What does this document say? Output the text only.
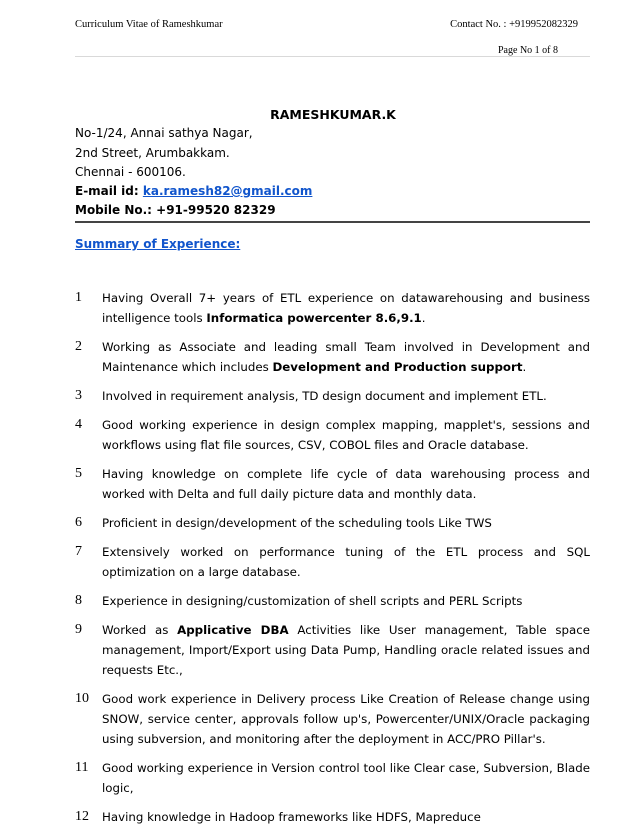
Curriculum Vitae of Rameshkumar	Contact No. : +919952082329
Page No 1 of 8
RAMESHKUMAR.K
No-1/24, Annai sathya Nagar,
2nd Street, Arumbakkam.
Chennai - 600106.
E-mail id: ka.ramesh82@gmail.com
Mobile No.: +91-99520 82329
Summary of Experience:
1	Having Overall 7+ years of ETL experience on datawarehousing and business intelligence tools Informatica powercenter 8.6,9.1.
2	Working as Associate and leading small Team involved in Development and Maintenance which includes Development and Production support.
3	Involved in requirement analysis, TD design document and implement ETL.
4	Good working experience in design complex mapping, mapplet's, sessions and workflows using flat file sources, CSV, COBOL files and Oracle database.
5	Having knowledge on complete life cycle of data warehousing process and worked with Delta and full daily picture data and monthly data.
6	Proficient in design/development of the scheduling tools Like TWS
7	Extensively worked on performance tuning of the ETL process and SQL optimization on a large database.
8	Experience in designing/customization of shell scripts and PERL Scripts
9	Worked as Applicative DBA Activities like User management, Table space management, Import/Export using Data Pump, Handling oracle related issues and requests Etc.,
10	Good work experience in Delivery process Like Creation of Release change using SNOW, service center, approvals follow up's, Powercenter/UNIX/Oracle packaging using subversion, and monitoring after the deployment in ACC/PRO Pillar's.
11	Good working experience in Version control tool like Clear case, Subversion, Blade logic,
12	Having knowledge in Hadoop frameworks like HDFS, Mapreduce
